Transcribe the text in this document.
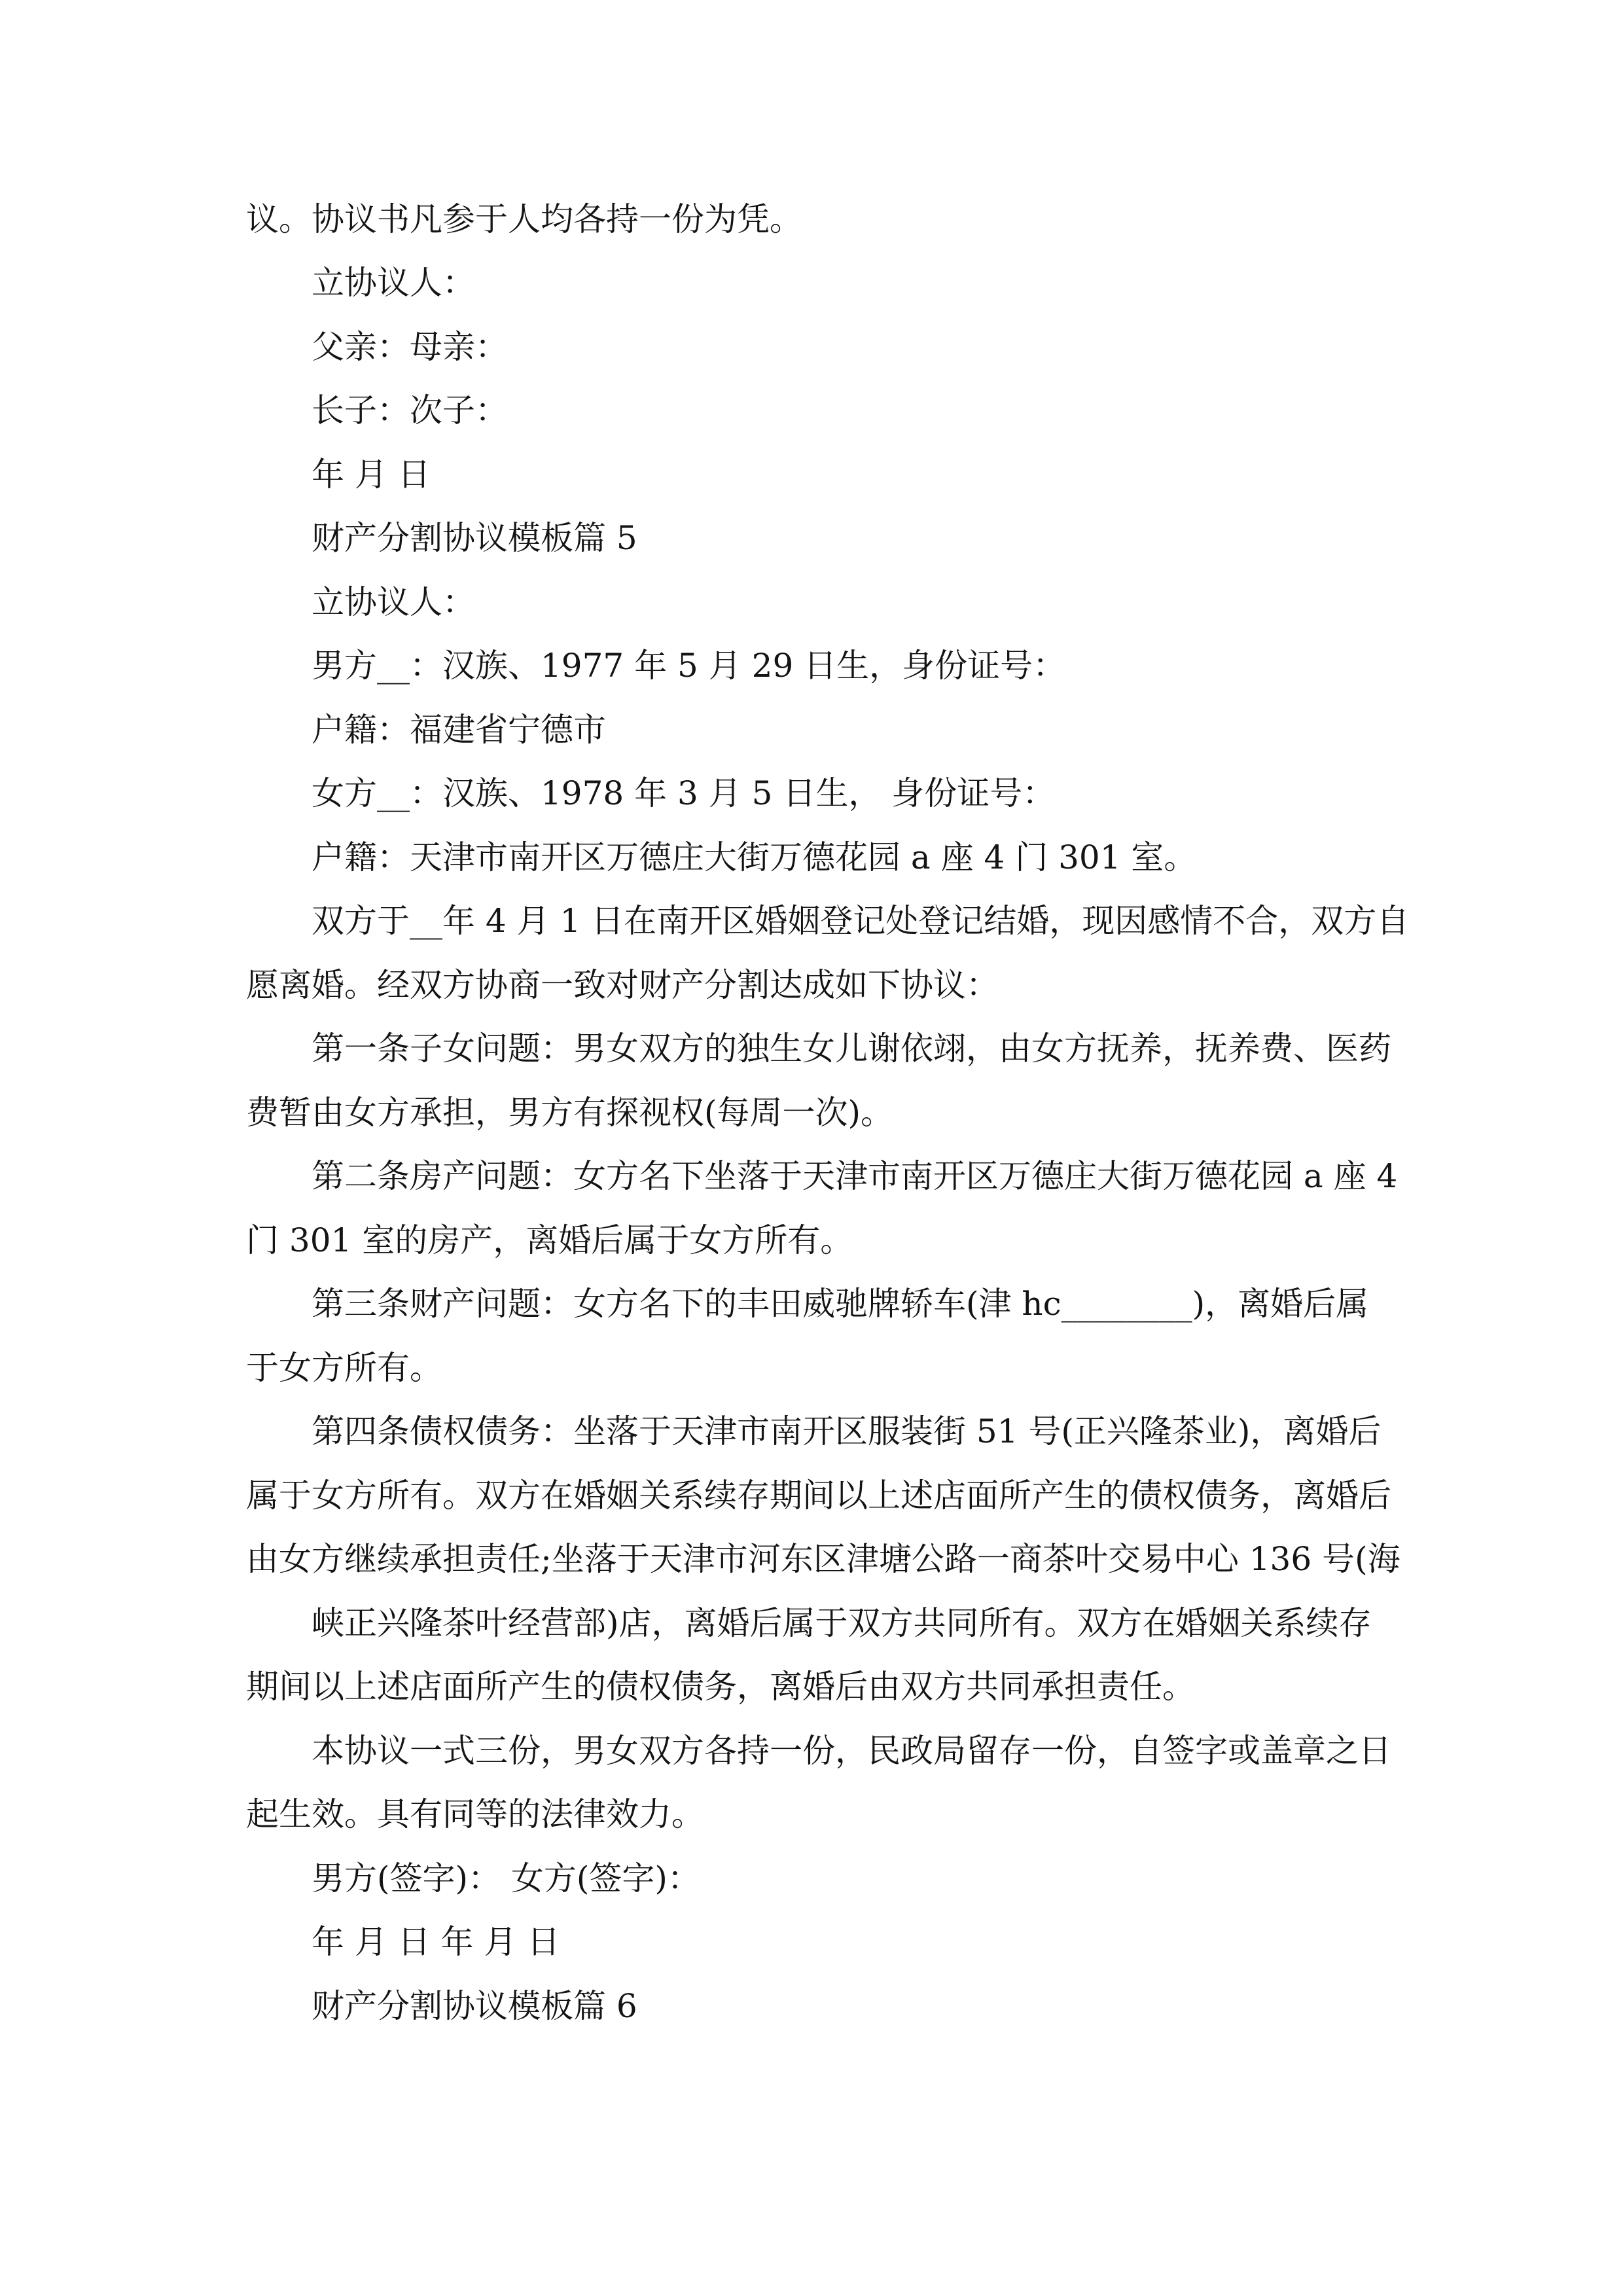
议。协议书凡参于人均各持一份为凭。
立协议人：
父亲：母亲：
长子：次子：
年 月 日
财产分割协议模板篇 5
立协议人：
男方__：汉族、1977 年 5 月 29 日生，身份证号：
户籍：福建省宁德市
女方__：汉族、1978 年 3 月 5 日生， 身份证号：
户籍：天津市南开区万德庄大街万德花园 a 座 4 门 301 室。
双方于__年 4 月 1 日在南开区婚姻登记处登记结婚，现因感情不合，双方自
愿离婚。经双方协商一致对财产分割达成如下协议：
第一条子女问题：男女双方的独生女儿谢依翊，由女方抚养，抚养费、医药
费暂由女方承担，男方有探视权(每周一次)。
第二条房产问题：女方名下坐落于天津市南开区万德庄大街万德花园 a 座 4
门 301 室的房产，离婚后属于女方所有。
第三条财产问题：女方名下的丰田威驰牌轿车(津 hc________)，离婚后属
于女方所有。
第四条债权债务：坐落于天津市南开区服装街 51 号(正兴隆茶业)，离婚后
属于女方所有。双方在婚姻关系续存期间以上述店面所产生的债权债务，离婚后
由女方继续承担责任;坐落于天津市河东区津塘公路一商茶叶交易中心 136 号(海
峡正兴隆茶叶经营部)店，离婚后属于双方共同所有。双方在婚姻关系续存
期间以上述店面所产生的债权债务，离婚后由双方共同承担责任。
本协议一式三份，男女双方各持一份，民政局留存一份，自签字或盖章之日
起生效。具有同等的法律效力。
男方(签字)： 女方(签字)：
年 月 日 年 月 日
财产分割协议模板篇 6
